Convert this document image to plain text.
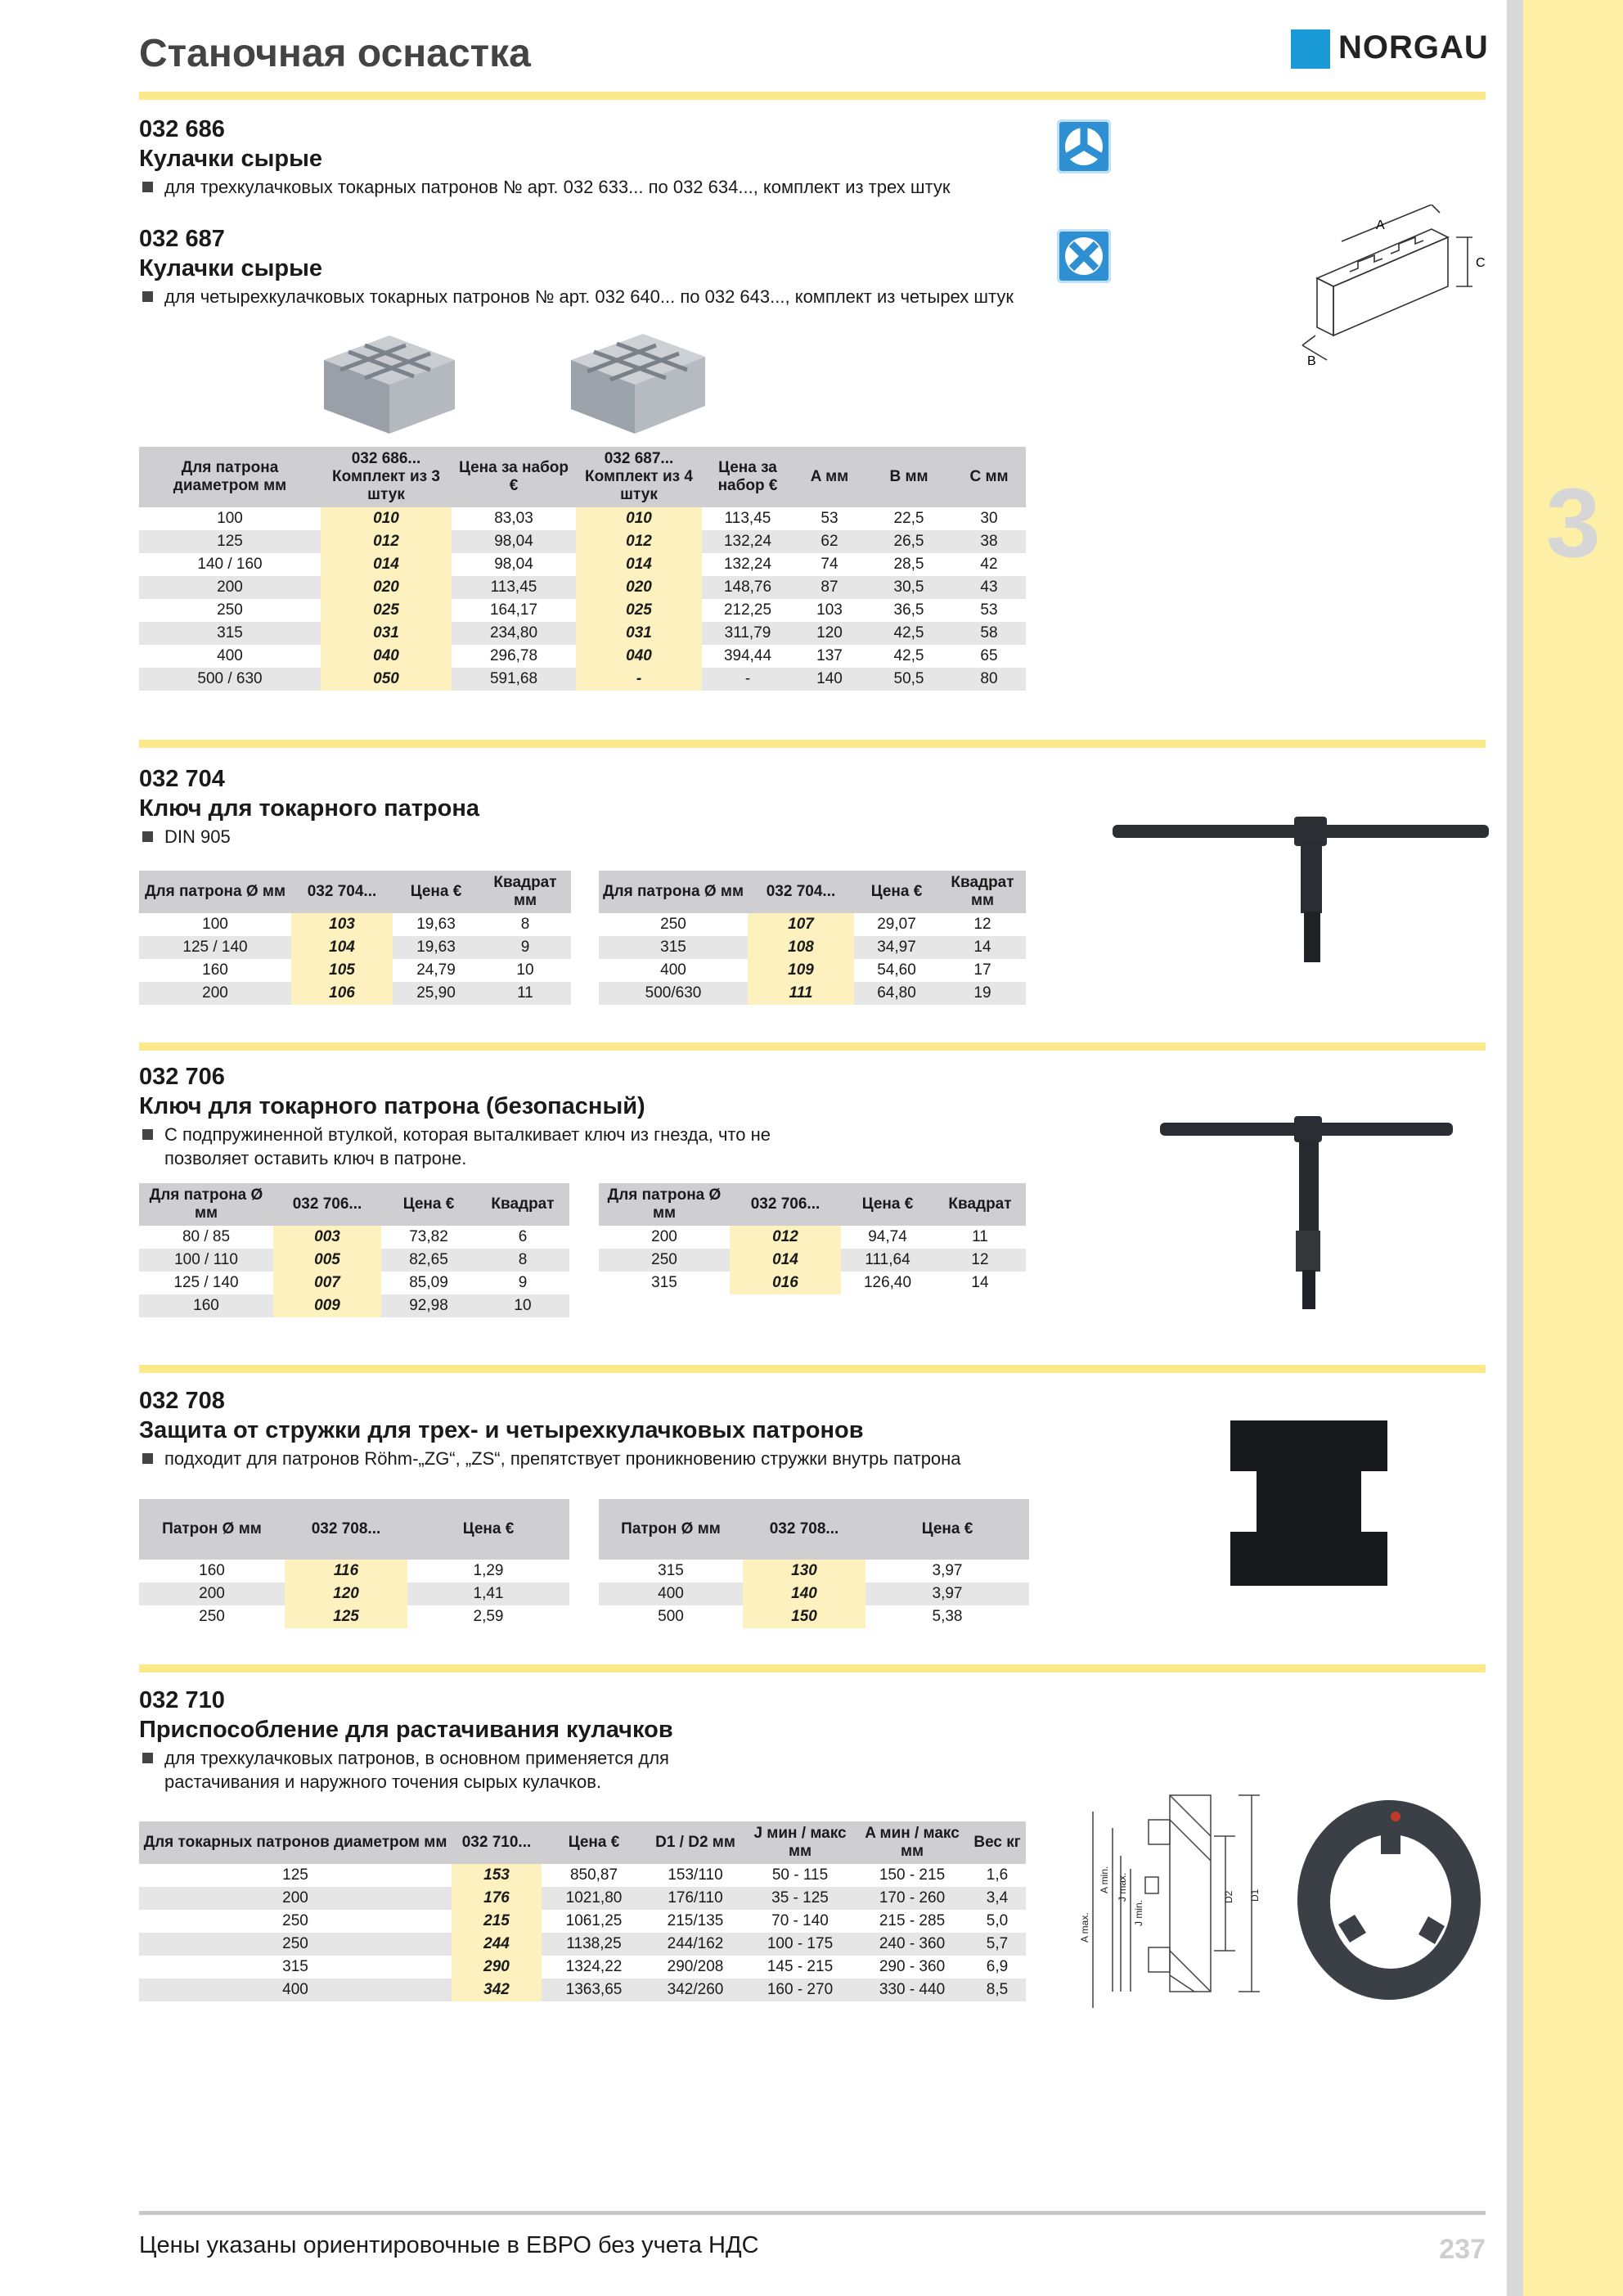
3
Станочная оснастка	NORGAU
032 686
Кулачки сырые
для трехкулачковых токарных патронов № арт. 032 633... по 032 634..., комплект из трех штук
032 687
Кулачки сырые
для четырехкулачковых токарных патронов № арт. 032 640... по 032 643..., комплект из четырех штук
A
C
B
Для патрона диаметром мм	032 686... Комплект из 3 штук	Цена за набор €	032 687... Комплект из 4 штук	Цена за набор €	A мм	B мм	C мм
100	010	83,03	010	113,45	53	22,5	30
125	012	98,04	012	132,24	62	26,5	38
140 / 160	014	98,04	014	132,24	74	28,5	42
200	020	113,45	020	148,76	87	30,5	43
250	025	164,17	025	212,25	103	36,5	53
315	031	234,80	031	311,79	120	42,5	58
400	040	296,78	040	394,44	137	42,5	65
500 / 630	050	591,68	-	-	140	50,5	80
032 704
Ключ для токарного патрона
DIN 905
Для патрона Ø мм	032 704...	Цена €	Квадрат мм
100	103	19,63	8
125 / 140	104	19,63	9
160	105	24,79	10
200	106	25,90	11
Для патрона Ø мм	032 704...	Цена €	Квадрат мм
250	107	29,07	12
315	108	34,97	14
400	109	54,60	17
500/630	111	64,80	19
032 706
Ключ для токарного патрона (безопасный)
С подпружиненной втулкой, которая выталкивает ключ из гнезда, что не
позволяет оставить ключ в патроне.
Для патрона Ø мм	032 706...	Цена €	Квадрат
80 / 85	003	73,82	6
100 / 110	005	82,65	8
125 / 140	007	85,09	9
160	009	92,98	10
Для патрона Ø мм	032 706...	Цена €	Квадрат
200	012	94,74	11
250	014	111,64	12
315	016	126,40	14
032 708
Защита от стружки для трех- и четырехкулачковых патронов
подходит для патронов Röhm-„ZG“, „ZS“, препятствует проникновению стружки внутрь патрона
Патрон Ø мм	032 708...	Цена €
160	116	1,29
200	120	1,41
250	125	2,59
Патрон Ø мм	032 708...	Цена €
315	130	3,97
400	140	3,97
500	150	5,38
032 710
Приспособление для растачивания кулачков
для трехкулачковых патронов, в основном применяется для
растачивания и наружного точения сырых кулачков.
Для токарных патронов диаметром мм	032 710...	Цена €	D1 / D2 мм	J мин / макс мм	A мин / макс мм	Вес кг
125	153	850,87	153/110	50 - 115	150 - 215	1,6
200	176	1021,80	176/110	35 - 125	170 - 260	3,4
250	215	1061,25	215/135	70 - 140	215 - 285	5,0
250	244	1138,25	244/162	100 - 175	240 - 360	5,7
315	290	1324,22	290/208	145 - 215	290 - 360	6,9
400	342	1363,65	342/260	160 - 270	330 - 440	8,5
A max.
A min. J max.
J min.
D2 D1
Цены указаны ориентировочные в ЕВРО без учета НДС	237
